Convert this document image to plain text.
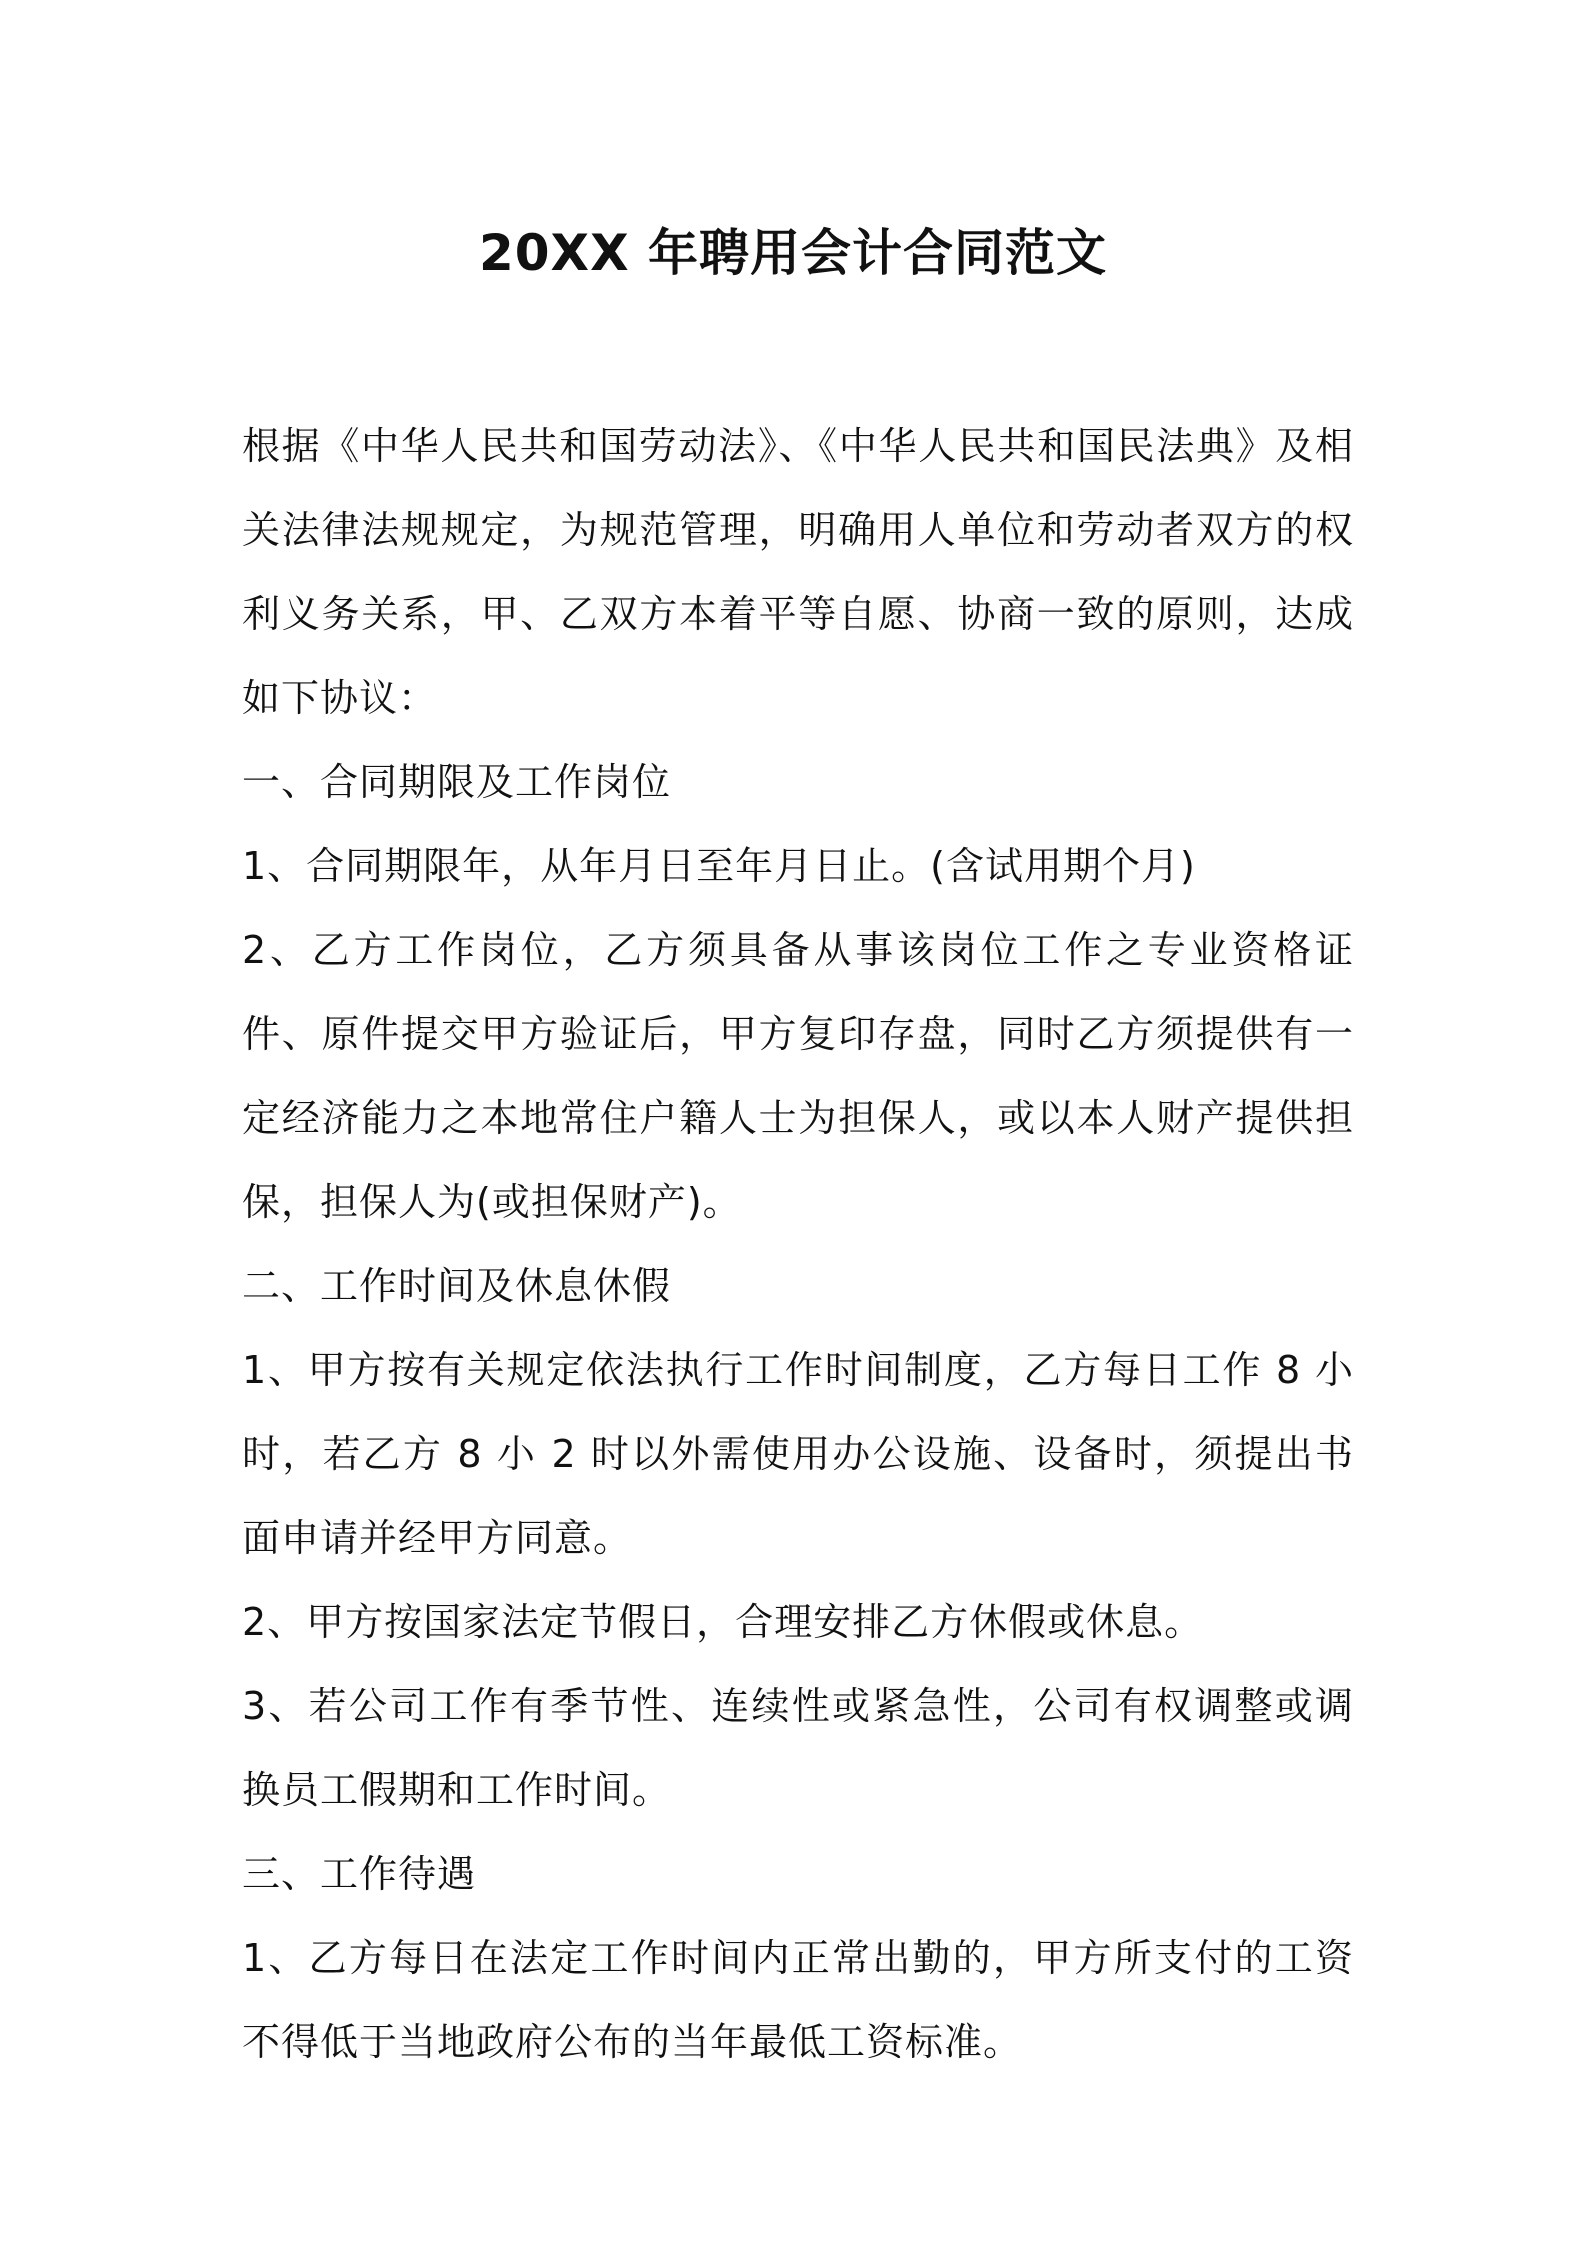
20XX 年聘用会计合同范文

根据《中华人民共和国劳动法》、《中华人民共和国民法典》及相关法律法规规定，为规范管理，明确用人单位和劳动者双方的权利义务关系，甲、乙双方本着平等自愿、协商一致的原则，达成如下协议：

一、合同期限及工作岗位

1、合同期限年，从年月日至年月日止。(含试用期个月)

2、乙方工作岗位，乙方须具备从事该岗位工作之专业资格证件、原件提交甲方验证后，甲方复印存盘，同时乙方须提供有一定经济能力之本地常住户籍人士为担保人，或以本人财产提供担保，担保人为(或担保财产)。

二、工作时间及休息休假

1、甲方按有关规定依法执行工作时间制度，乙方每日工作 8 小时，若乙方 8 小 2 时以外需使用办公设施、设备时，须提出书面申请并经甲方同意。

2、甲方按国家法定节假日，合理安排乙方休假或休息。

3、若公司工作有季节性、连续性或紧急性，公司有权调整或调换员工假期和工作时间。

三、工作待遇

1、乙方每日在法定工作时间内正常出勤的，甲方所支付的工资不得低于当地政府公布的当年最低工资标准。
